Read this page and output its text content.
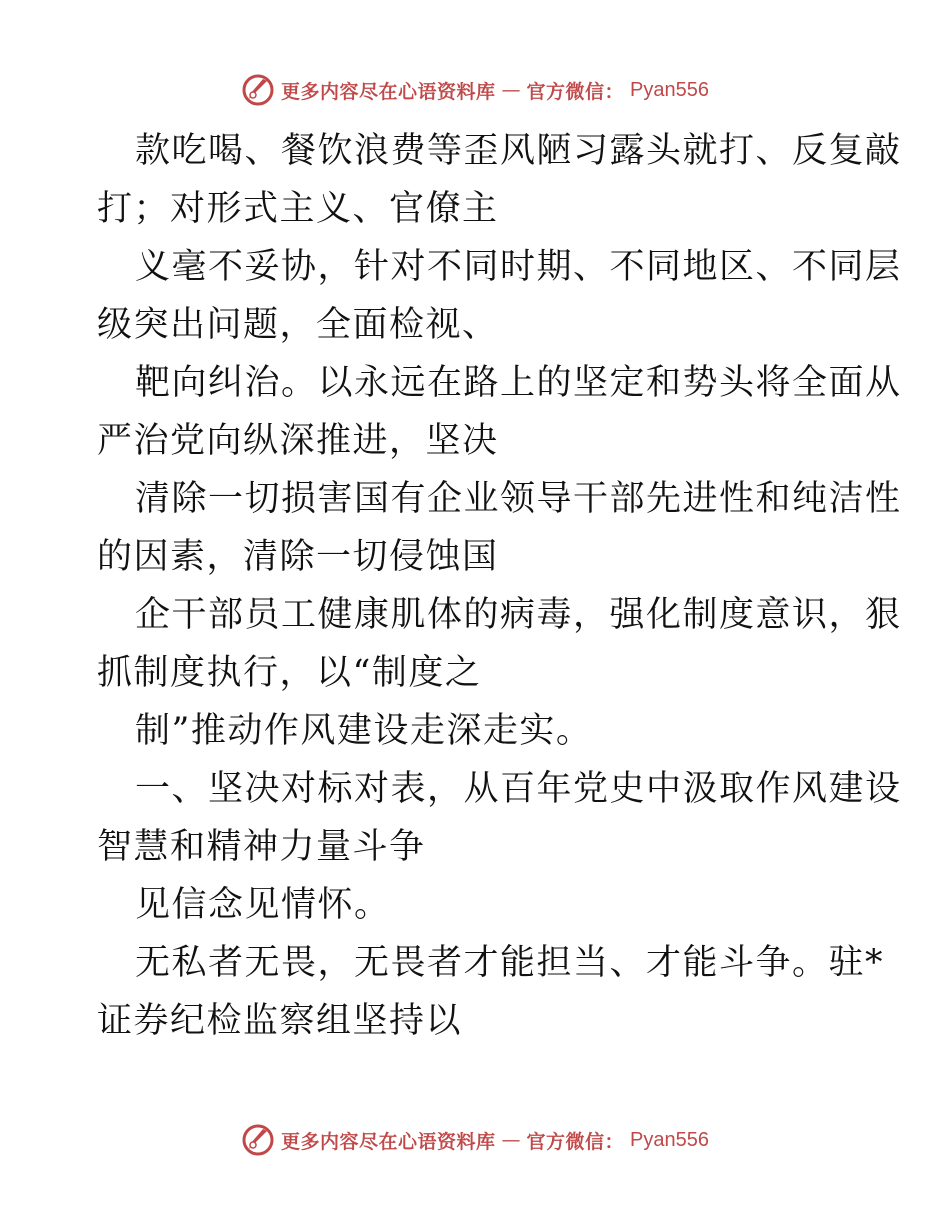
更多内容尽在心语资料库 — 官方微信： Pyan556
款吃喝、餐饮浪费等歪风陋习露头就打、反复敲
打；对形式主义、官僚主
义毫不妥协，针对不同时期、不同地区、不同层
级突出问题，全面检视、
靶向纠治。以永远在路上的坚定和势头将全面从
严治党向纵深推进，坚决
清除一切损害国有企业领导干部先进性和纯洁性
的因素，清除一切侵蚀国
企干部员工健康肌体的病毒，强化制度意识，狠
抓制度执行，以“制度之
制”推动作风建设走深走实。
一、坚决对标对表，从百年党史中汲取作风建设
智慧和精神力量斗争
见信念见情怀。
无私者无畏，无畏者才能担当、才能斗争。驻*
证券纪检监察组坚持以
更多内容尽在心语资料库 — 官方微信： Pyan556
